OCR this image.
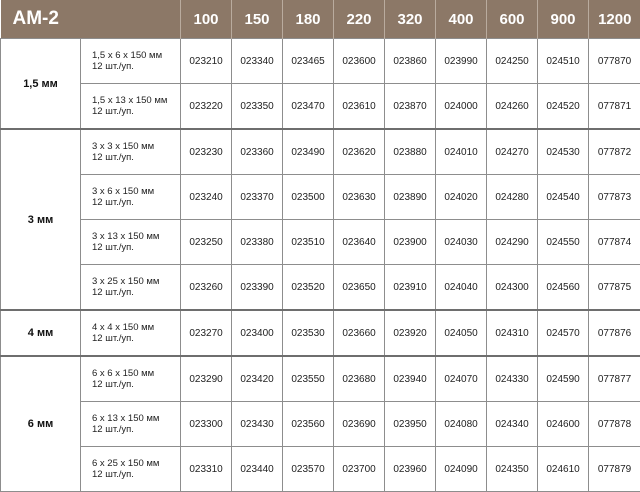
АМ-2		100	150	180	220	320	400	600	900	1200
1,5 мм	1,5 х 6 х 150 мм
12 шт./уп.	023210	023340	023465	023600	023860	023990	024250	024510	077870

	1,5 х 13 х 150 мм
12 шт./уп.	023220	023350	023470	023610	023870	024000	024260	024520	077871
3 мм	3 х 3 х 150 мм
12 шт./уп.	023230	023360	023490	023620	023880	024010	024270	024530	077872

	3 х 6 х 150 мм
12 шт./уп.	023240	023370	023500	023630	023890	024020	024280	024540	077873

	3 х 13 х 150 мм
12 шт./уп.	023250	023380	023510	023640	023900	024030	024290	024550	077874

	3 х 25 х 150 мм
12 шт./уп.	023260	023390	023520	023650	023910	024040	024300	024560	077875
4 мм	4 х 4 х 150 мм
12 шт./уп.	023270	023400	023530	023660	023920	024050	024310	024570	077876
6 мм	6 х 6 х 150 мм
12 шт./уп.	023290	023420	023550	023680	023940	024070	024330	024590	077877

	6 х 13 х 150 мм
12 шт./уп.	023300	023430	023560	023690	023950	024080	024340	024600	077878

	6 х 25 х 150 мм
12 шт./уп.	023310	023440	023570	023700	023960	024090	024350	024610	077879
